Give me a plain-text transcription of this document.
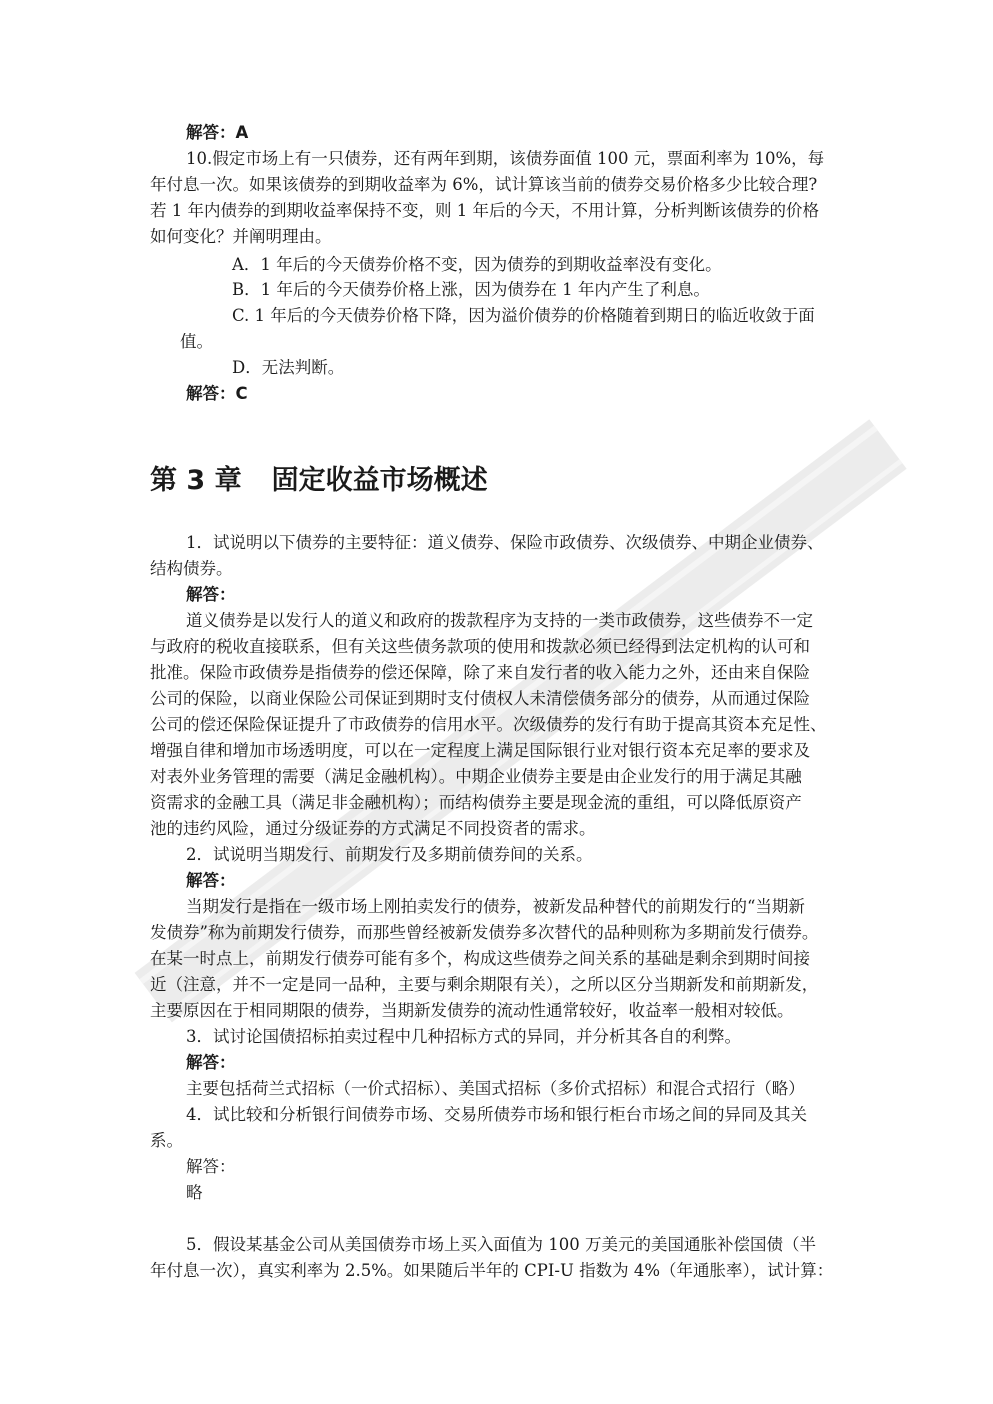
解答：A
10.假定市场上有一只债券，还有两年到期，该债券面值 100 元，票面利率为 10%，每
年付息一次。如果该债券的到期收益率为 6%，试计算该当前的债券交易价格多少比较合理?
若 1 年内债券的到期收益率保持不变，则 1 年后的今天，不用计算，分析判断该债券的价格
如何变化？并阐明理由。
A．1 年后的今天债券价格不变，因为债券的到期收益率没有变化。
B．1 年后的今天债券价格上涨，因为债券在 1 年内产生了利息。
C. 1 年后的今天债券价格下降，因为溢价债券的价格随着到期日的临近收敛于面
值。
D．无法判断。
解答：C
第 3 章 固定收益市场概述
1．试说明以下债券的主要特征：道义债券、保险市政债券、次级债券、中期企业债券、
结构债券。
解答：
道义债券是以发行人的道义和政府的拨款程序为支持的一类市政债券，这些债券不一定
与政府的税收直接联系，但有关这些债务款项的使用和拨款必须已经得到法定机构的认可和
批准。保险市政债券是指债券的偿还保障，除了来自发行者的收入能力之外，还由来自保险
公司的保险，以商业保险公司保证到期时支付债权人未清偿债务部分的债券，从而通过保险
公司的偿还保险保证提升了市政债券的信用水平。次级债券的发行有助于提高其资本充足性、
增强自律和增加市场透明度，可以在一定程度上满足国际银行业对银行资本充足率的要求及
对表外业务管理的需要（满足金融机构）。中期企业债券主要是由企业发行的用于满足其融
资需求的金融工具（满足非金融机构）；而结构债券主要是现金流的重组，可以降低原资产
池的违约风险，通过分级证券的方式满足不同投资者的需求。
2．试说明当期发行、前期发行及多期前债券间的关系。
解答：
当期发行是指在一级市场上刚拍卖发行的债券，被新发品种替代的前期发行的“当期新
发债券”称为前期发行债券，而那些曾经被新发债券多次替代的品种则称为多期前发行债券。
在某一时点上，前期发行债券可能有多个，构成这些债券之间关系的基础是剩余到期时间接
近（注意，并不一定是同一品种，主要与剩余期限有关），之所以区分当期新发和前期新发，
主要原因在于相同期限的债券，当期新发债券的流动性通常较好，收益率一般相对较低。
3．试讨论国债招标拍卖过程中几种招标方式的异同，并分析其各自的利弊。
解答：
主要包括荷兰式招标（一价式招标）、美国式招标（多价式招标）和混合式招行（略）
4．试比较和分析银行间债券市场、交易所债券市场和银行柜台市场之间的异同及其关
系。
解答：
略
5．假设某基金公司从美国债券市场上买入面值为 100 万美元的美国通胀补偿国债（半
年付息一次），真实利率为 2.5%。如果随后半年的 CPI-U 指数为 4%（年通胀率），试计算：
